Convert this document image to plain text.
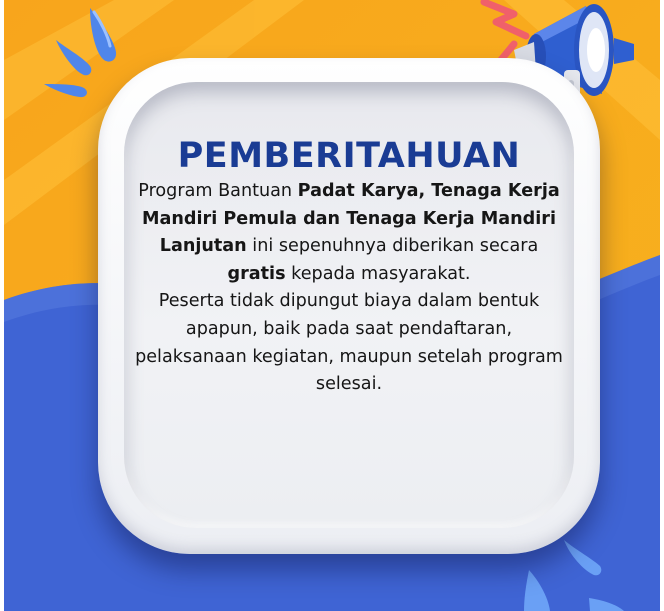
PEMBERITAHUAN

Program Bantuan Padat Karya, Tenaga Kerja Mandiri Pemula dan Tenaga Kerja Mandiri Lanjutan ini sepenuhnya diberikan secara gratis kepada masyarakat.

Peserta tidak dipungut biaya dalam bentuk apapun, baik pada saat pendaftaran, pelaksanaan kegiatan, maupun setelah program selesai.
